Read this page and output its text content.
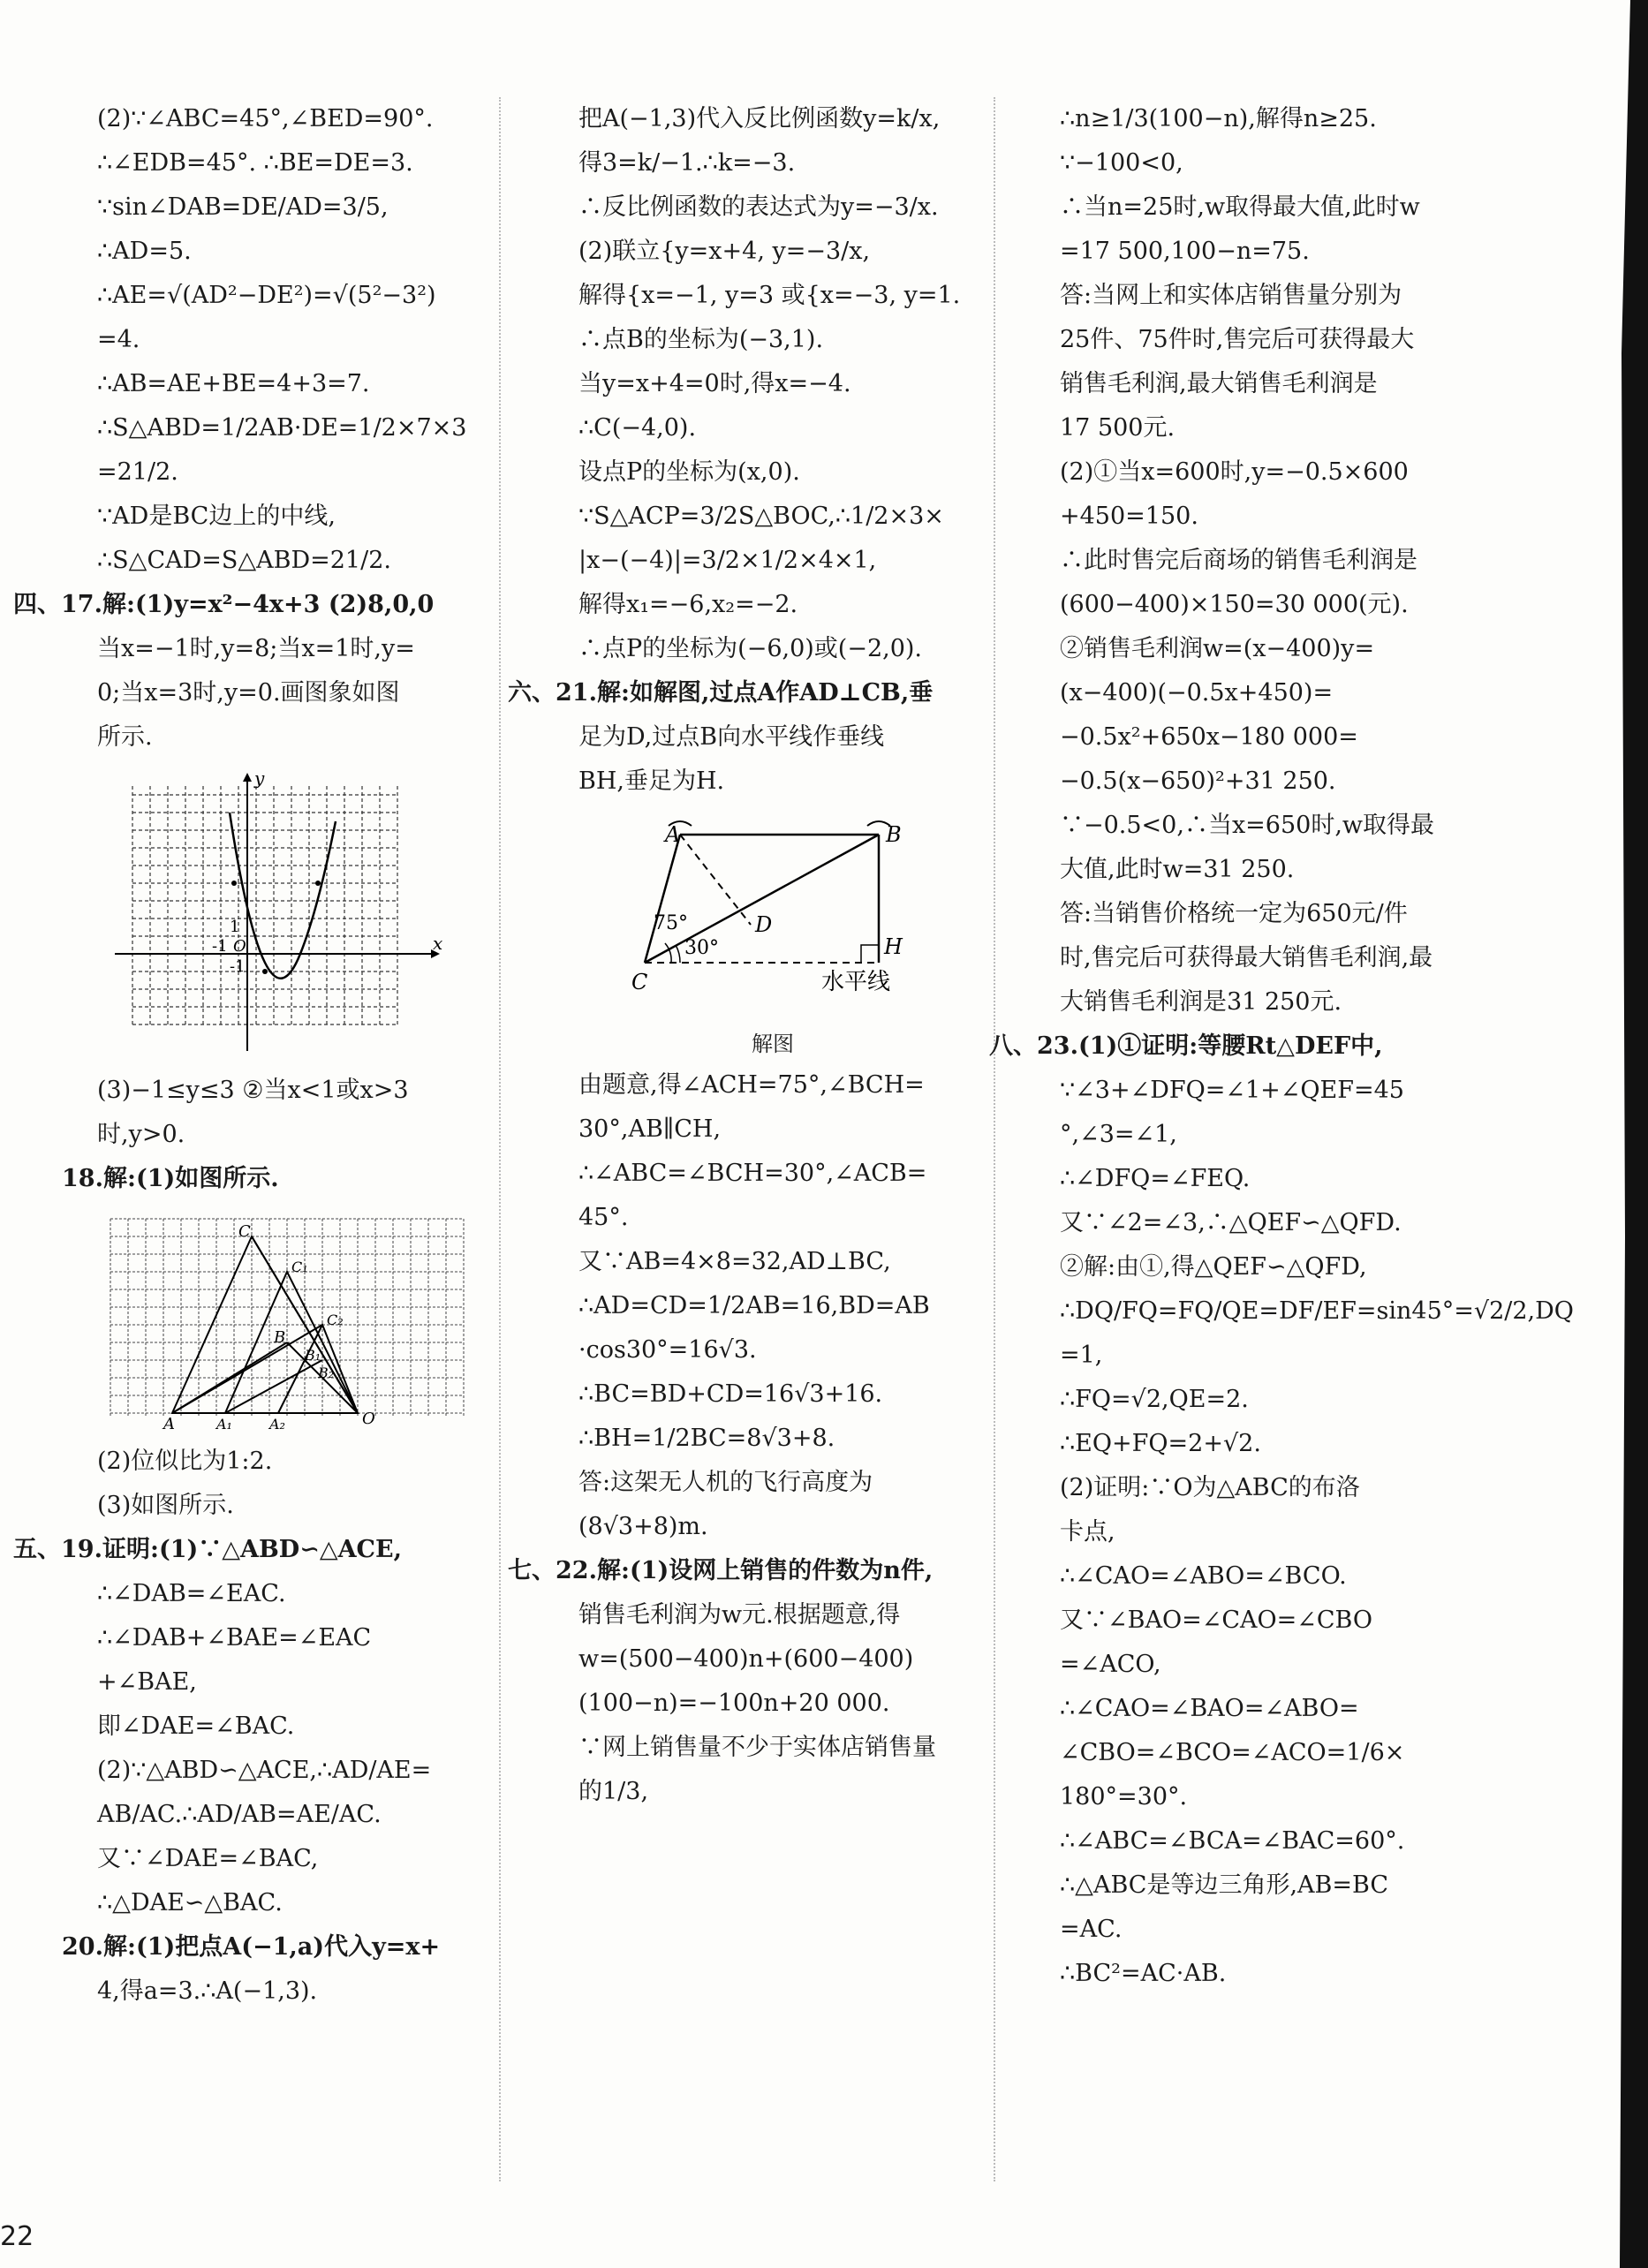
(2)∵∠ABC=45°,∠BED=90°.
∴∠EDB=45°. ∴BE=DE=3.
∵sin∠DAB=DE/AD=3/5,
∴AD=5.
∴AE=√(AD²−DE²)=√(5²−3²)
=4.
∴AB=AE+BE=4+3=7.
∴S△ABD=1/2AB·DE=1/2×7×3
=21/2.
∵AD是BC边上的中线,
∴S△CAD=S△ABD=21/2.
四、17.解:(1)y=x²−4x+3 (2)8,0,0
当x=−1时,y=8;当x=1时,y=
0;当x=3时,y=0.画图象如图
所示.
x
y
1
-1 O
-1
(3)−1≤y≤3 ②当x<1或x>3
时,y>0.
18.解:(1)如图所示.
C
C₁
C₂
B
B₁
B₂
A	A₁	A₂	O
(2)位似比为1:2.
(3)如图所示.
五、19.证明:(1)∵△ABD∽△ACE,
∴∠DAB=∠EAC.
∴∠DAB+∠BAE=∠EAC
+∠BAE,
即∠DAE=∠BAC.
(2)∵△ABD∽△ACE,∴AD/AE=
AB/AC.∴AD/AB=AE/AC.
又∵∠DAE=∠BAC,
∴△DAE∽△BAC.
20.解:(1)把点A(−1,a)代入y=x+
4,得a=3.∴A(−1,3).
把A(−1,3)代入反比例函数y=k/x,
得3=k/−1.∴k=−3.
∴反比例函数的表达式为y=−3/x.
(2)联立{y=x+4, y=−3/x,
解得{x=−1, y=3 或{x=−3, y=1.
∴点B的坐标为(−3,1).
当y=x+4=0时,得x=−4.
∴C(−4,0).
设点P的坐标为(x,0).
∵S△ACP=3/2S△BOC,∴1/2×3×
|x−(−4)|=3/2×1/2×4×1,
解得x₁=−6,x₂=−2.
∴点P的坐标为(−6,0)或(−2,0).
六、21.解:如解图,过点A作AD⊥CB,垂
足为D,过点B向水平线作垂线
BH,垂足为H.
A	B
C
D
H
75°
30°
水平线
解图
由题意,得∠ACH=75°,∠BCH=
30°,AB∥CH,
∴∠ABC=∠BCH=30°,∠ACB=
45°.
又∵AB=4×8=32,AD⊥BC,
∴AD=CD=1/2AB=16,BD=AB
·cos30°=16√3.
∴BC=BD+CD=16√3+16.
∴BH=1/2BC=8√3+8.
答:这架无人机的飞行高度为
(8√3+8)m.
七、22.解:(1)设网上销售的件数为n件,
销售毛利润为w元.根据题意,得
w=(500−400)n+(600−400)
(100−n)=−100n+20 000.
∵网上销售量不少于实体店销售量
的1/3,
∴n≥1/3(100−n),解得n≥25.
∵−100<0,
∴当n=25时,w取得最大值,此时w
=17 500,100−n=75.
答:当网上和实体店销售量分别为
25件、75件时,售完后可获得最大
销售毛利润,最大销售毛利润是
17 500元.
(2)①当x=600时,y=−0.5×600
+450=150.
∴此时售完后商场的销售毛利润是
(600−400)×150=30 000(元).
②销售毛利润w=(x−400)y=
(x−400)(−0.5x+450)=
−0.5x²+650x−180 000=
−0.5(x−650)²+31 250.
∵−0.5<0,∴当x=650时,w取得最
大值,此时w=31 250.
答:当销售价格统一定为650元/件
时,售完后可获得最大销售毛利润,最
大销售毛利润是31 250元.
八、23.(1)①证明:等腰Rt△DEF中,
∵∠3+∠DFQ=∠1+∠QEF=45
°,∠3=∠1,
∴∠DFQ=∠FEQ.
又∵∠2=∠3,∴△QEF∽△QFD.
②解:由①,得△QEF∽△QFD,
∴DQ/FQ=FQ/QE=DF/EF=sin45°=√2/2,DQ
=1,
∴FQ=√2,QE=2.
∴EQ+FQ=2+√2.
(2)证明:∵O为△ABC的布洛
卡点,
∴∠CAO=∠ABO=∠BCO.
又∵∠BAO=∠CAO=∠CBO
=∠ACO,
∴∠CAO=∠BAO=∠ABO=
∠CBO=∠BCO=∠ACO=1/6×
180°=30°.
∴∠ABC=∠BCA=∠BAC=60°.
∴△ABC是等边三角形,AB=BC
=AC.
∴BC²=AC·AB.
22
